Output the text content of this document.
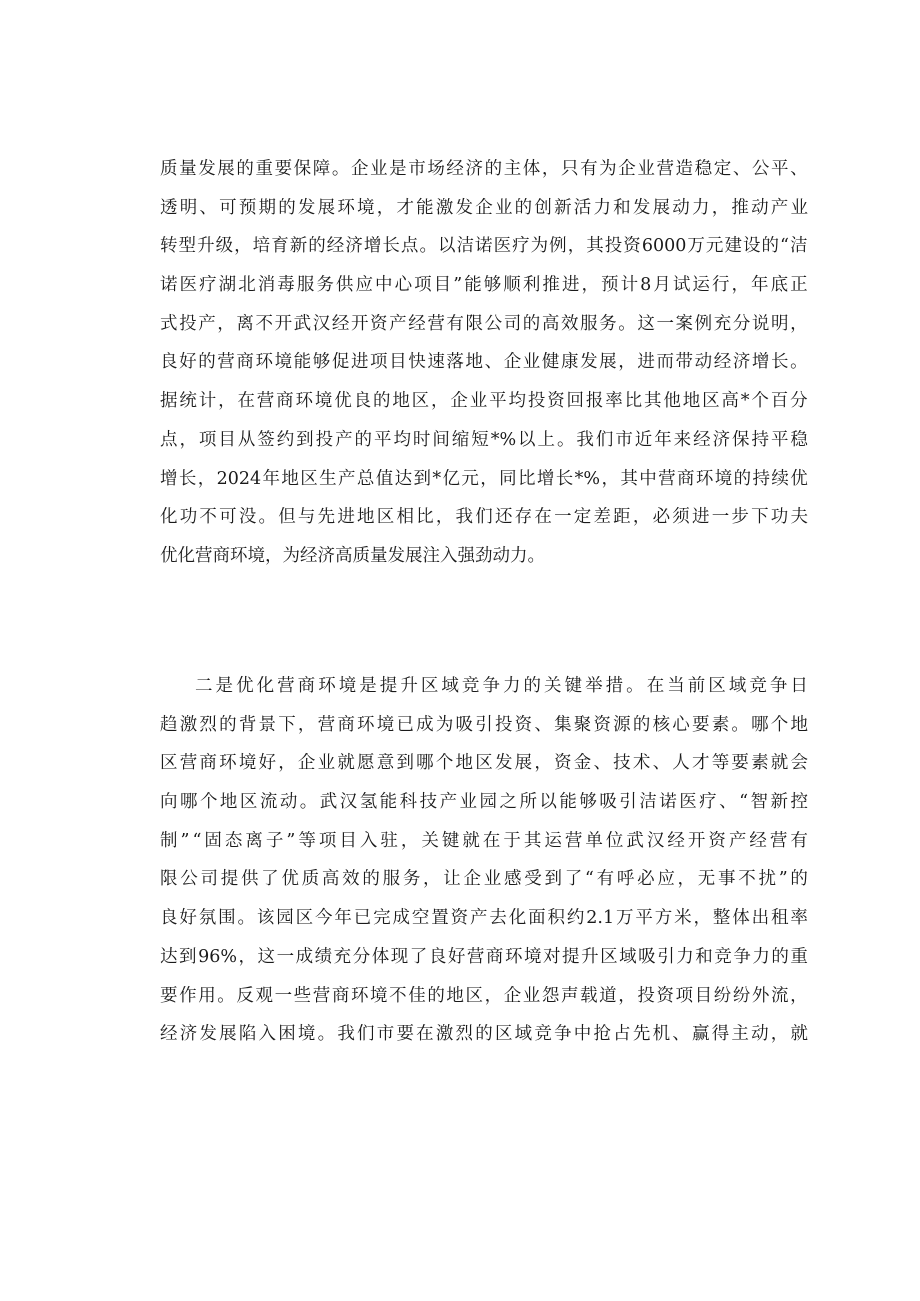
质 量 发 展 的 重 要 保 障 。 企 业 是 市 场 经 济 的 主 体 ， 只 有 为 企 业 营 造 稳 定 、 公 平 、
透 明 、 可 预 期 的 发 展 环 境 ， 才 能 激 发 企 业 的 创 新 活 力 和 发 展 动 力 ， 推 动 产 业
转 型 升 级 ， 培 育 新 的 经 济 增 长 点 。 以 洁 诺 医 疗 为 例 ， 其 投 资 6000 万 元 建 设 的 “ 洁
诺 医 疗 湖 北 消 毒 服 务 供 应 中 心 项 目 ” 能 够 顺 利 推 进 ， 预 计 8 月 试 运 行 ， 年 底 正
式 投 产 ， 离 不 开 武 汉 经 开 资 产 经 营 有 限 公 司 的 高 效 服 务 。 这 一 案 例 充 分 说 明 ，
良 好 的 营 商 环 境 能 够 促 进 项 目 快 速 落 地 、 企 业 健 康 发 展 ， 进 而 带 动 经 济 增 长 。
据 统 计 ， 在 营 商 环 境 优 良 的 地 区 ， 企 业 平 均 投 资 回 报 率 比 其 他 地 区 高 * 个 百 分
点 ， 项 目 从 签 约 到 投 产 的 平 均 时 间 缩 短 *% 以 上 。 我 们 市 近 年 来 经 济 保 持 平 稳
增 长 ， 2024 年 地 区 生 产 总 值 达 到 * 亿 元 ， 同 比 增 长 *% ， 其 中 营 商 环 境 的 持 续 优
化 功 不 可 没 。 但 与 先 进 地 区 相 比 ， 我 们 还 存 在 一 定 差 距 ， 必 须 进 一 步 下 功 夫
优化营商环境，为经济高质量发展注入强劲动力。
二 是 优 化 营 商 环 境 是 提 升 区 域 竞 争 力 的 关 键 举 措 。 在 当 前 区 域 竞 争 日
趋 激 烈 的 背 景 下 ， 营 商 环 境 已 成 为 吸 引 投 资 、 集 聚 资 源 的 核 心 要 素 。 哪 个 地
区 营 商 环 境 好 ， 企 业 就 愿 意 到 哪 个 地 区 发 展 ， 资 金 、 技 术 、 人 才 等 要 素 就 会
向 哪 个 地 区 流 动 。 武 汉 氢 能 科 技 产 业 园 之 所 以 能 够 吸 引 洁 诺 医 疗 、 “ 智 新 控
制 ” “ 固 态 离 子 ” 等 项 目 入 驻 ， 关 键 就 在 于 其 运 营 单 位 武 汉 经 开 资 产 经 营 有
限 公 司 提 供 了 优 质 高 效 的 服 务 ， 让 企 业 感 受 到 了 “ 有 呼 必 应 ， 无 事 不 扰 ” 的
良 好 氛 围 。 该 园 区 今 年 已 完 成 空 置 资 产 去 化 面 积 约 2.1 万 平 方 米 ， 整 体 出 租 率
达 到 96% ， 这 一 成 绩 充 分 体 现 了 良 好 营 商 环 境 对 提 升 区 域 吸 引 力 和 竞 争 力 的 重
要 作 用 。 反 观 一 些 营 商 环 境 不 佳 的 地 区 ， 企 业 怨 声 载 道 ， 投 资 项 目 纷 纷 外 流 ，
经 济 发 展 陷 入 困 境 。 我 们 市 要 在 激 烈 的 区 域 竞 争 中 抢 占 先 机 、 赢 得 主 动 ， 就
